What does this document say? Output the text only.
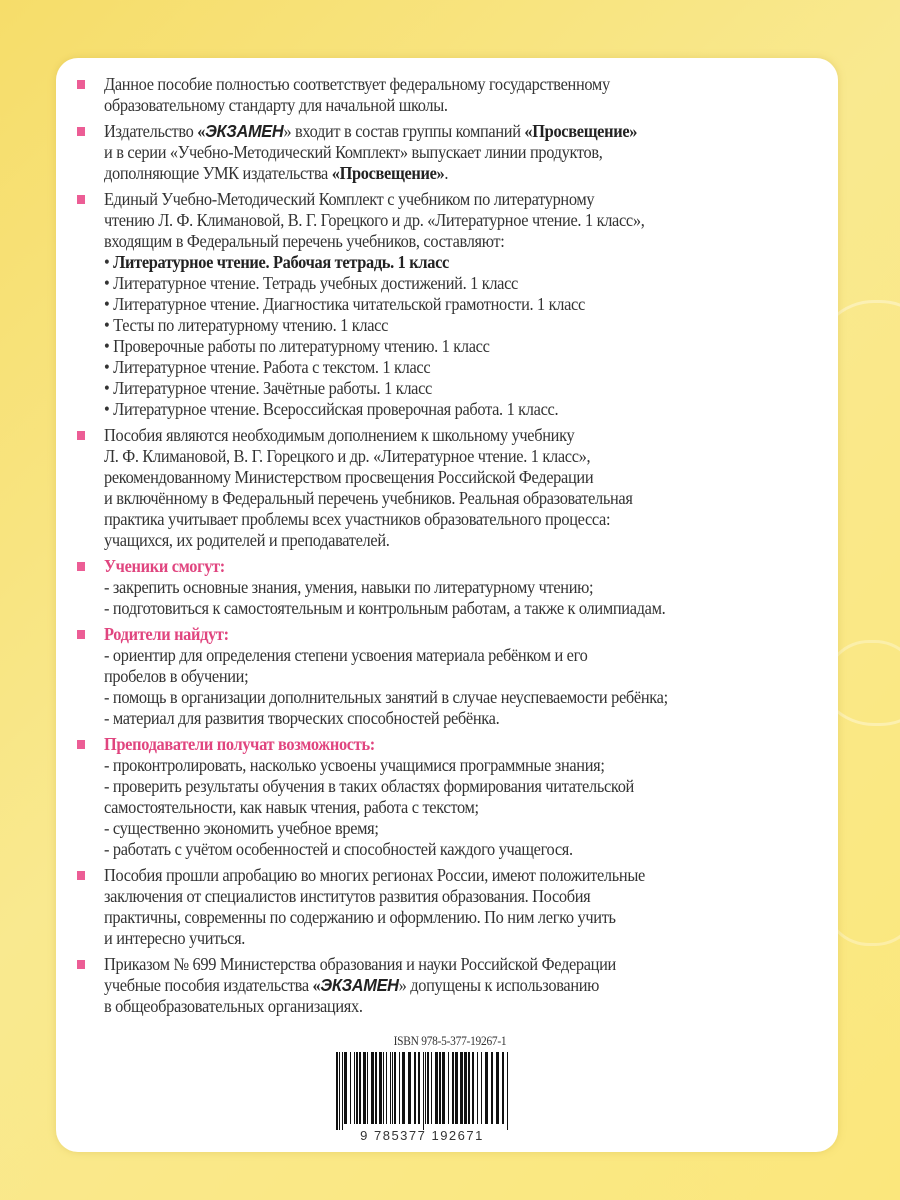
Данное пособие полностью соответствует федеральному государственному
образовательному стандарту для начальной школы.
Издательство «ЭКЗАМЕН» входит в состав группы компаний «Просвещение»
и в серии «Учебно-Методический Комплект» выпускает линии продуктов,
дополняющие УМК издательства «Просвещение».
Единый Учебно-Методический Комплект с учебником по литературному
чтению Л. Ф. Климановой, В. Г. Горецкого и др. «Литературное чтение. 1 класс»,
входящим в Федеральный перечень учебников, составляют:
• Литературное чтение. Рабочая тетрадь. 1 класс
• Литературное чтение. Тетрадь учебных достижений. 1 класс
• Литературное чтение. Диагностика читательской грамотности. 1 класс
• Тесты по литературному чтению. 1 класс
• Проверочные работы по литературному чтению. 1 класс
• Литературное чтение. Работа с текстом. 1 класс
• Литературное чтение. Зачётные работы. 1 класс
• Литературное чтение. Всероссийская проверочная работа. 1 класс.
Пособия являются необходимым дополнением к школьному учебнику
Л. Ф. Климановой, В. Г. Горецкого и др. «Литературное чтение. 1 класс»,
рекомендованному Министерством просвещения Российской Федерации
и включённому в Федеральный перечень учебников. Реальная образовательная
практика учитывает проблемы всех участников образовательного процесса:
учащихся, их родителей и преподавателей.
Ученики смогут:
- закрепить основные знания, умения, навыки по литературному чтению;
- подготовиться к самостоятельным и контрольным работам, а также к олимпиадам.
Родители найдут:
- ориентир для определения степени усвоения материала ребёнком и его
пробелов в обучении;
- помощь в организации дополнительных занятий в случае неуспеваемости ребёнка;
- материал для развития творческих способностей ребёнка.
Преподаватели получат возможность:
- проконтролировать, насколько усвоены учащимися программные знания;
- проверить результаты обучения в таких областях формирования читательской
самостоятельности, как навык чтения, работа с текстом;
- существенно экономить учебное время;
- работать с учётом особенностей и способностей каждого учащегося.
Пособия прошли апробацию во многих регионах России, имеют положительные
заключения от специалистов институтов развития образования. Пособия
практичны, современны по содержанию и оформлению. По ним легко учить
и интересно учиться.
Приказом № 699 Министерства образования и науки Российской Федерации
учебные пособия издательства «ЭКЗАМЕН» допущены к использованию
в общеобразовательных организациях.
ISBN 978-5-377-19267-1
9 785377 192671
